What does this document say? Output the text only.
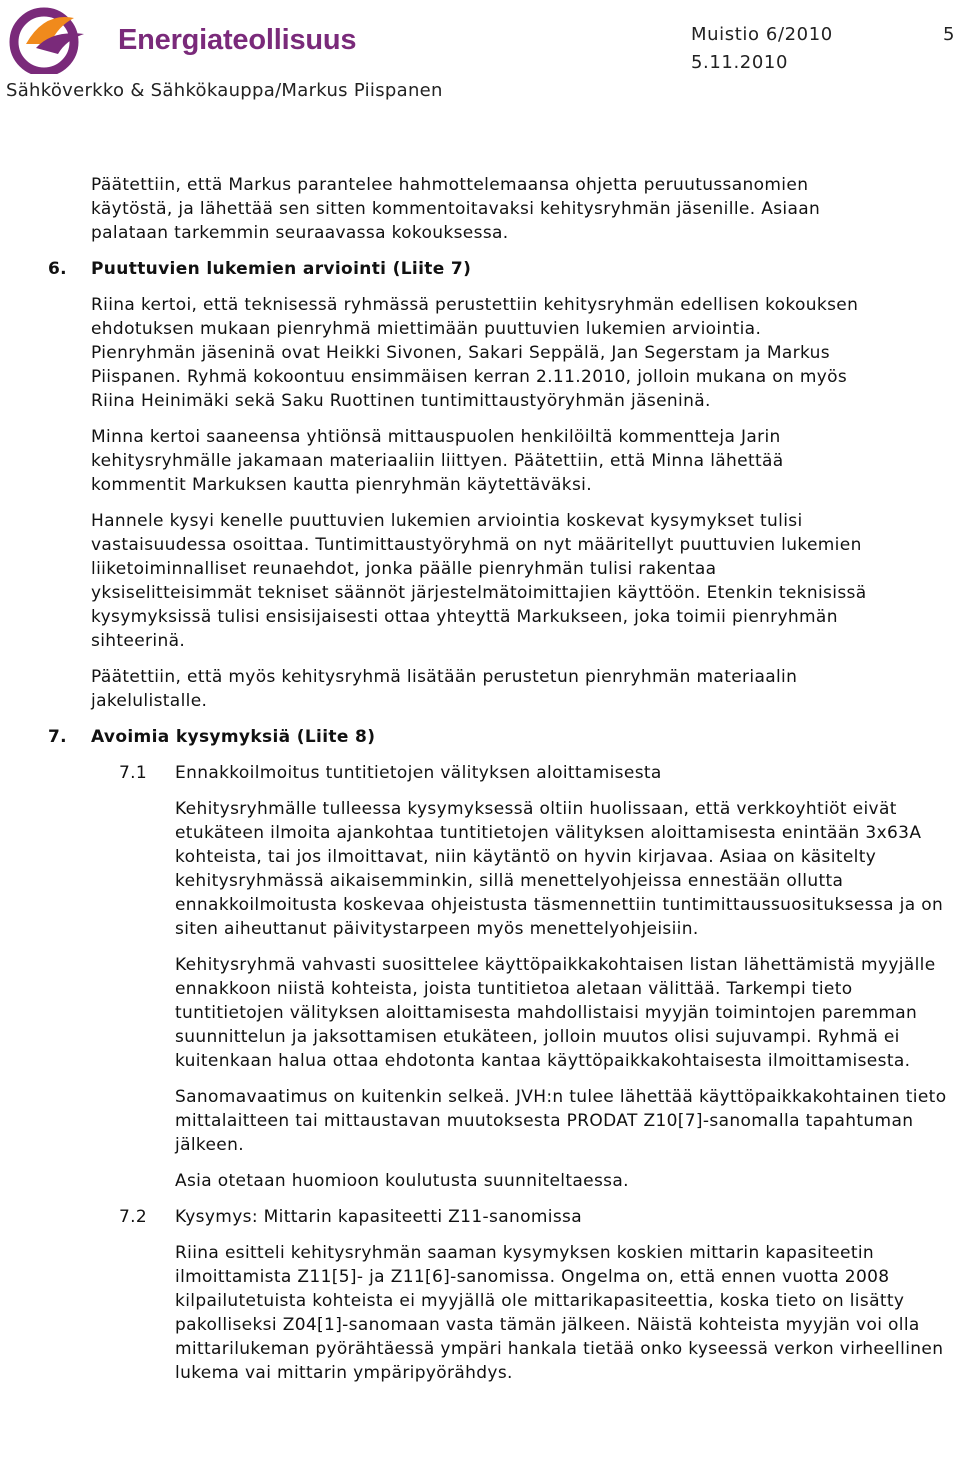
Energiateollisuus	Muistio 6/2010
5.11.2010
5
Sähköverkko & Sähkökauppa/Markus Piispanen

Päätettiin, että Markus parantelee hahmottelemaansa ohjetta peruutussanomien käytöstä, ja lähettää sen sitten kommentoitavaksi kehitysryhmän jäsenille. Asiaan palataan tarkemmin seuraavassa kokouksessa.

6. Puuttuvien lukemien arviointi (Liite 7)

Riina kertoi, että teknisessä ryhmässä perustettiin kehitysryhmän edellisen kokouksen ehdotuksen mukaan pienryhmä miettimään puuttuvien lukemien arviointia. Pienryhmän jäseninä ovat Heikki Sivonen, Sakari Seppälä, Jan Segerstam ja Markus Piispanen. Ryhmä kokoontuu ensimmäisen kerran 2.11.2010, jolloin mukana on myös Riina Heinimäki sekä Saku Ruottinen tuntimittaustyöryhmän jäseninä.

Minna kertoi saaneensa yhtiönsä mittauspuolen henkilöiltä kommentteja Jarin kehitysryhmälle jakamaan materiaaliin liittyen. Päätettiin, että Minna lähettää kommentit Markuksen kautta pienryhmän käytettäväksi.

Hannele kysyi kenelle puuttuvien lukemien arviointia koskevat kysymykset tulisi vastaisuudessa osoittaa. Tuntimittaustyöryhmä on nyt määritellyt puuttuvien lukemien liiketoiminnalliset reunaehdot, jonka päälle pienryhmän tulisi rakentaa yksiselitteisimmät tekniset säännöt järjestelmätoimittajien käyttöön. Etenkin teknisissä kysymyksissä tulisi ensisijaisesti ottaa yhteyttä Markukseen, joka toimii pienryhmän sihteerinä.

Päätettiin, että myös kehitysryhmä lisätään perustetun pienryhmän materiaalin jakelulistalle.

7. Avoimia kysymyksiä (Liite 8)
7.1 Ennakkoilmoitus tuntitietojen välityksen aloittamisesta

Kehitysryhmälle tulleessa kysymyksessä oltiin huolissaan, että verkkoyhtiöt eivät etukäteen ilmoita ajankohtaa tuntitietojen välityksen aloittamisesta enintään 3x63A kohteista, tai jos ilmoittavat, niin käytäntö on hyvin kirjavaa. Asiaa on käsitelty kehitysryhmässä aikaisemminkin, sillä menettelyohjeissa ennestään ollutta ennakkoilmoitusta koskevaa ohjeistusta täsmennettiin tuntimittaussuosituksessa ja on siten aiheuttanut päivitystarpeen myös menettelyohjeisiin.

Kehitysryhmä vahvasti suosittelee käyttöpaikkakohtaisen listan lähettämistä myyjälle ennakkoon niistä kohteista, joista tuntitietoa aletaan välittää. Tarkempi tieto tuntitietojen välityksen aloittamisesta mahdollistaisi myyjän toimintojen paremman suunnittelun ja jaksottamisen etukäteen, jolloin muutos olisi sujuvampi. Ryhmä ei kuitenkaan halua ottaa ehdotonta kantaa käyttöpaikkakohtaisesta ilmoittamisesta.

Sanomavaatimus on kuitenkin selkeä. JVH:n tulee lähettää käyttöpaikkakohtainen tieto mittalaitteen tai mittaustavan muutoksesta PRODAT Z10[7]-sanomalla tapahtuman jälkeen.

Asia otetaan huomioon koulutusta suunniteltaessa.

7.2 Kysymys: Mittarin kapasiteetti Z11-sanomissa

Riina esitteli kehitysryhmän saaman kysymyksen koskien mittarin kapasiteetin ilmoittamista Z11[5]- ja Z11[6]-sanomissa. Ongelma on, että ennen vuotta 2008 kilpailutetuista kohteista ei myyjällä ole mittarikapasiteettia, koska tieto on lisätty pakolliseksi Z04[1]-sanomaan vasta tämän jälkeen. Näistä kohteista myyjän voi olla mittarilukeman pyörähtäessä ympäri hankala tietää onko kyseessä verkon virheellinen lukema vai mittarin ympäripyörähdys.
